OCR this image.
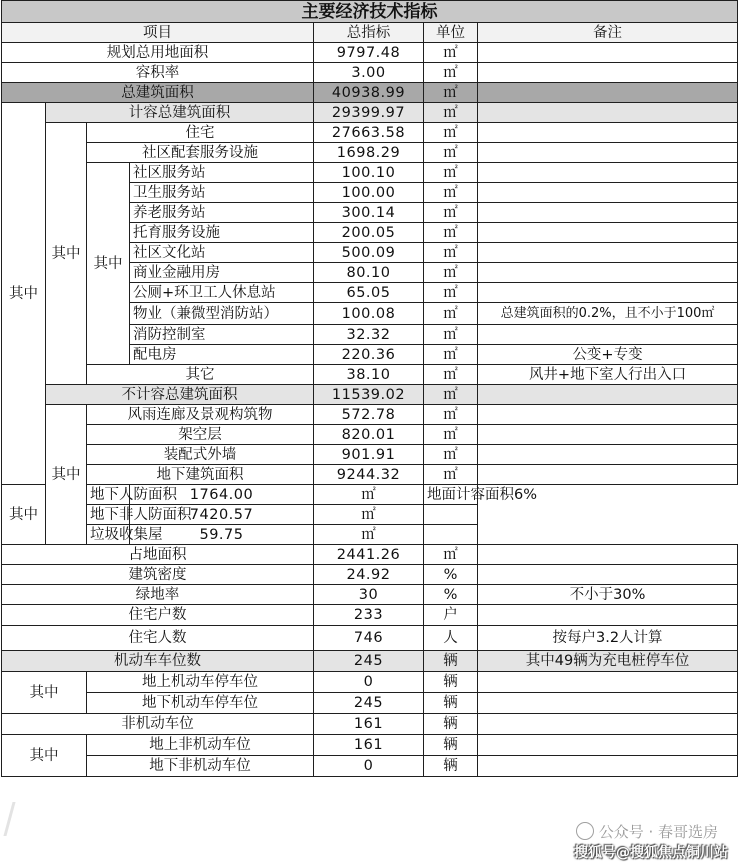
主要经济技术指标						
项目				总指标	单位	备注
规划总用地面积				9797.48	㎡	
容积率				3.00	㎡	
总建筑面积				40938.99	㎡	
其中	计容总建筑面积			29399.97	㎡	
	其中	住宅		27663.58	㎡	
		社区配套服务设施		1698.29	㎡	
		其中	社区服务站	100.10	㎡	
			卫生服务站	100.00	㎡	
			养老服务站	300.14	㎡	
			托育服务设施	200.05	㎡	
			社区文化站	500.09	㎡	
			商业金融用房	80.10	㎡	
			公厕+环卫工人休息站	65.05	㎡	
			物业（兼微型消防站）	100.08	㎡	总建筑面积的0.2%，且不小于100㎡
			消防控制室	32.32	㎡	
			配电房	220.36	㎡	公变+专变
		其它		38.10	㎡	风井+地下室人行出入口
	不计容总建筑面积			11539.02	㎡	
	其中	风雨连廊及景观构筑物		572.78	㎡	
		架空层		820.01	㎡	
		装配式外墙		901.91	㎡	
		地下建筑面积		9244.32	㎡	
其中		地下人防面积	1764.00	㎡	地面计容面积6%	
		地下非人防面积	7420.57	㎡		
		垃圾收集屋	59.75	㎡		
占地面积				2441.26	㎡	
建筑密度				24.92	%	
绿地率				30	%	不小于30%
住宅户数				233	户	
住宅人数				746	人	按每户3.2人计算
机动车车位数				245	辆	其中49辆为充电桩停车位
其中		地上机动车停车位		0	辆	
		地下机动车停车位		245	辆	
非机动车位				161	辆	
其中		地上非机动车位		161	辆	
		地下非机动车位		0	辆	
公众号 · 春哥选房
搜狐号@搜狐焦点铜川站
